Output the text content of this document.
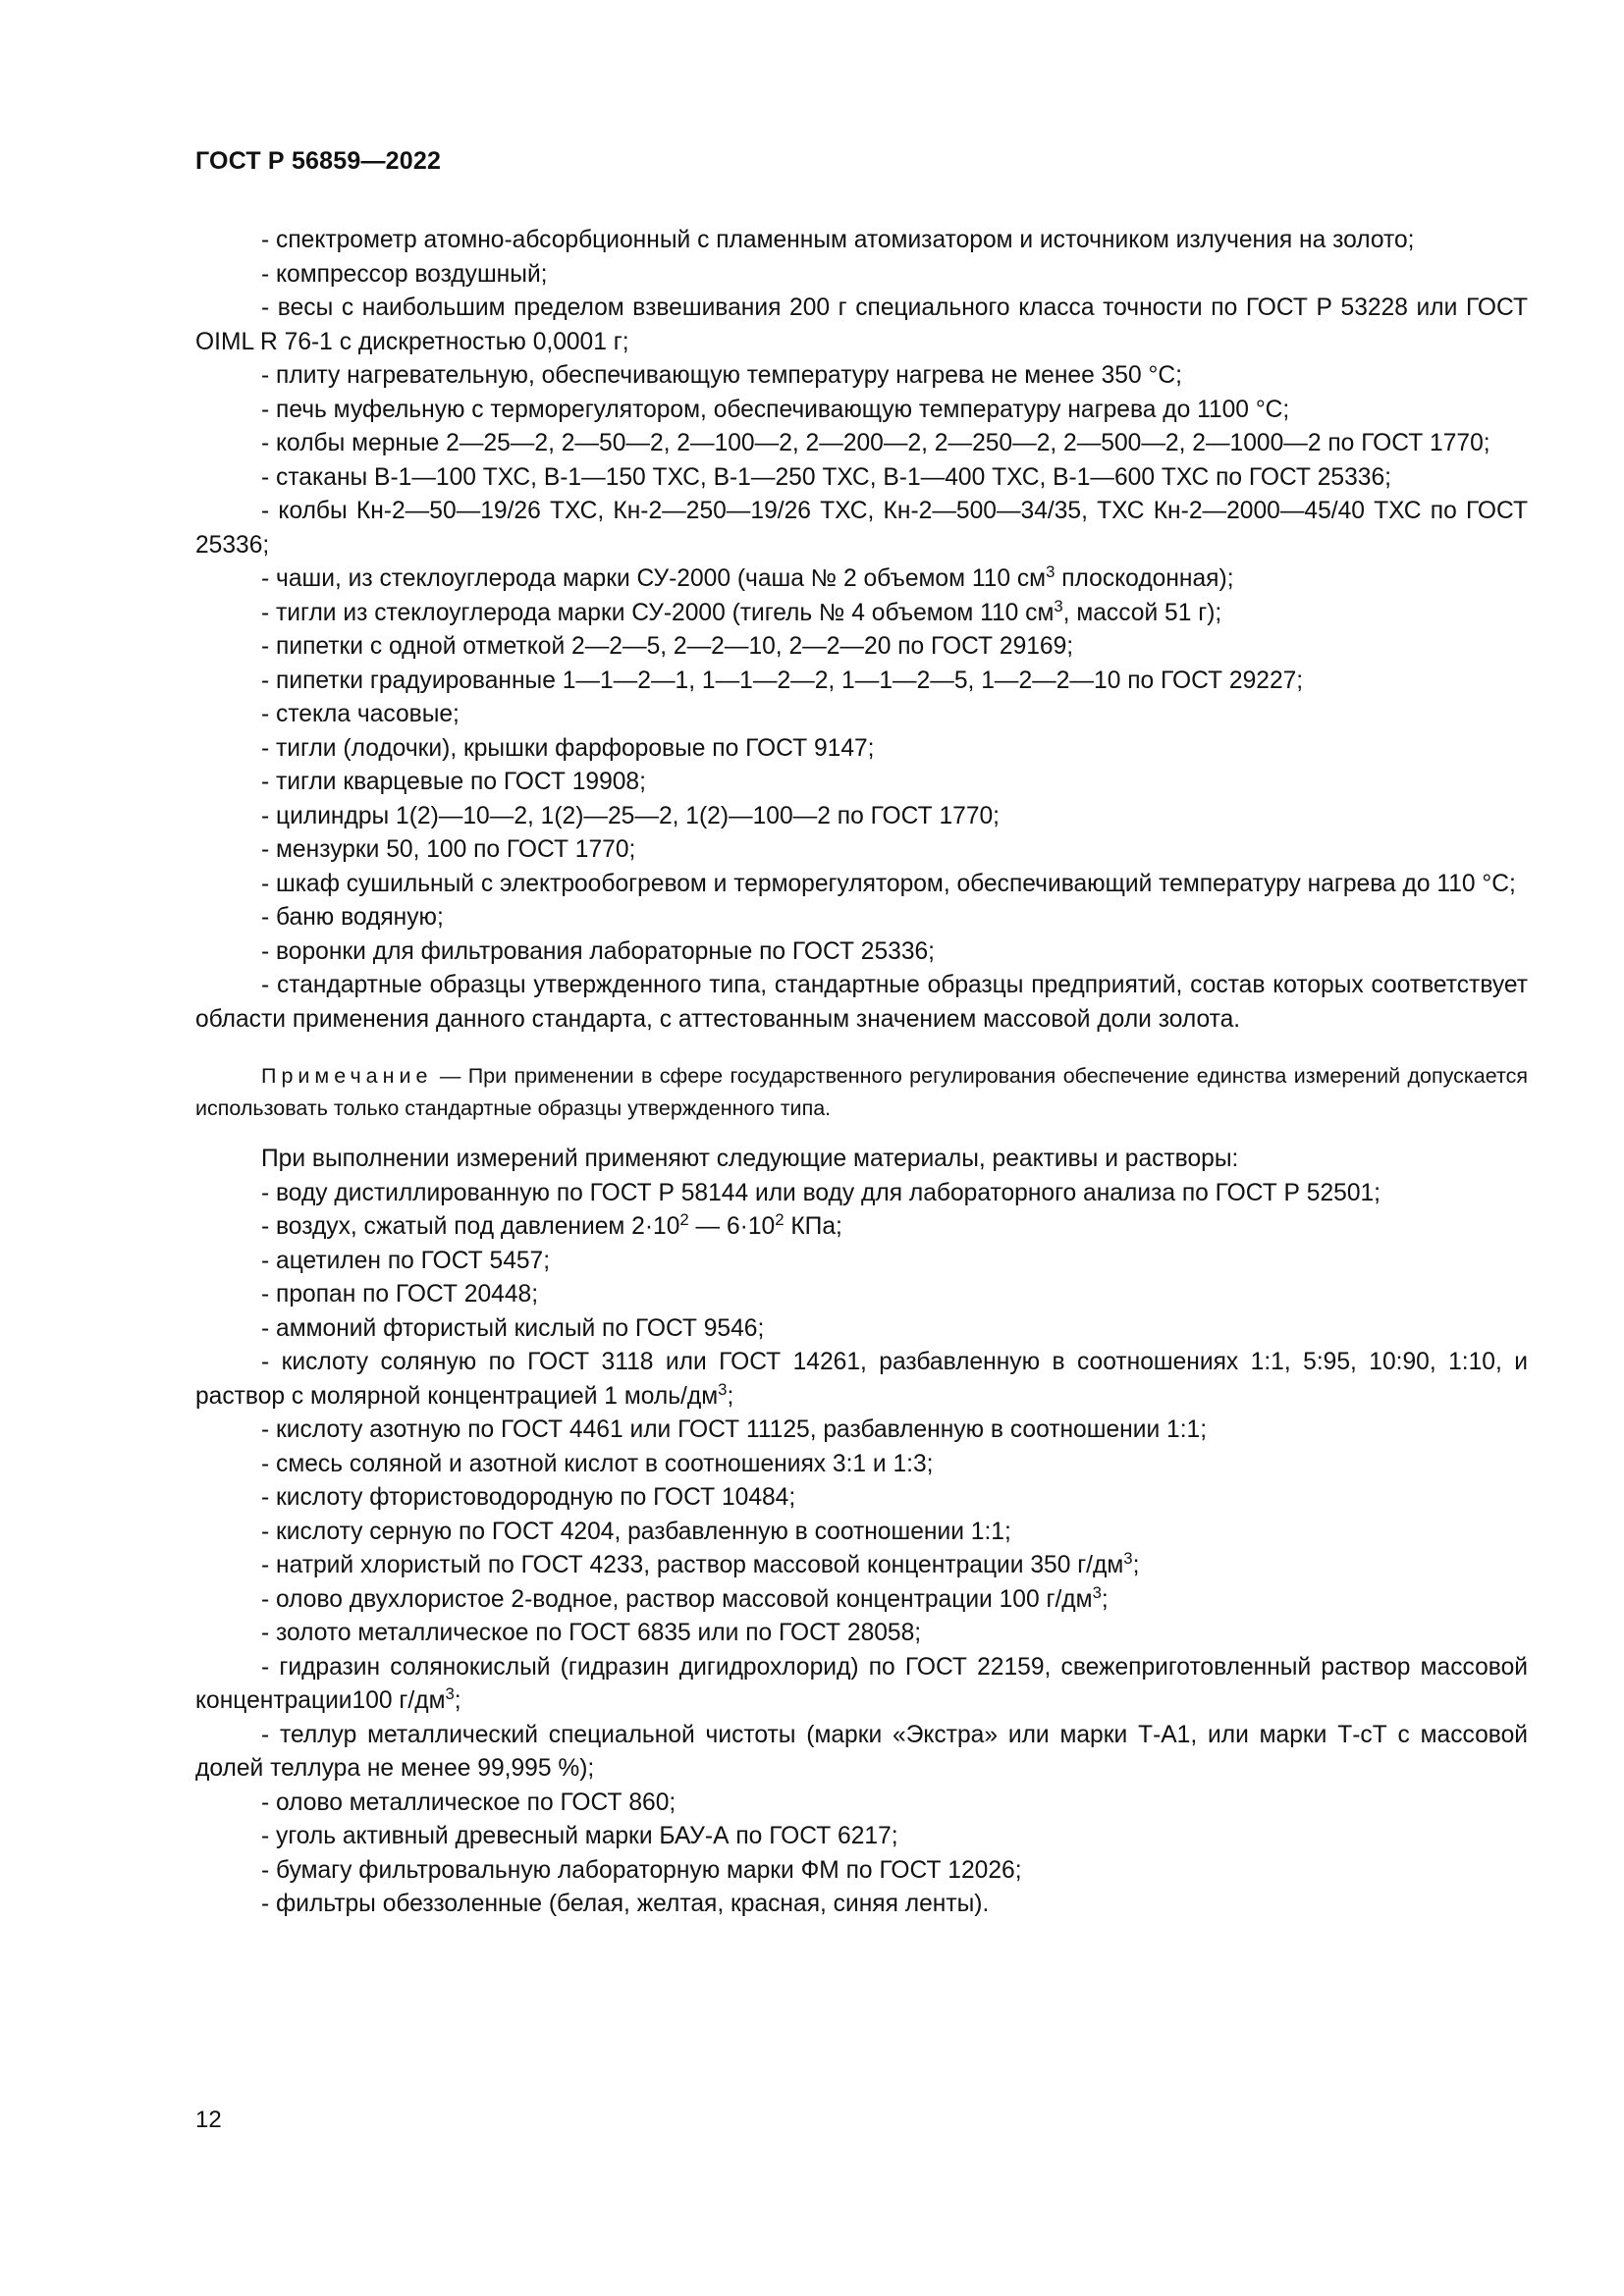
ГОСТ Р 56859—2022

- спектрометр атомно-абсорбционный с пламенным атомизатором и источником излучения на золото;

- компрессор воздушный;

- весы с наибольшим пределом взвешивания 200 г специального класса точности по ГОСТ Р 53228 или ГОСТ OIML R 76-1 с дискретностью 0,0001 г;

- плиту нагревательную, обеспечивающую температуру нагрева не менее 350 °С;

- печь муфельную с терморегулятором, обеспечивающую температуру нагрева до 1100 °С;

- колбы мерные 2—25—2, 2—50—2, 2—100—2, 2—200—2, 2—250—2, 2—500—2, 2—1000—2 по ГОСТ 1770;

- стаканы В-1—100 ТХС, В-1—150 ТХС, В-1—250 ТХС, В-1—400 ТХС, В-1—600 ТХС по ГОСТ 25336;

- колбы Кн-2—50—19/26 ТХС, Кн-2—250—19/26 ТХС, Кн-2—500—34/35, ТХС Кн-2—2000—45/40 ТХС по ГОСТ 25336;

- чаши, из стеклоуглерода марки СУ-2000 (чаша № 2 объемом 110 $см^3$ плоскодонная);

- тигли из стеклоуглерода марки СУ-2000 (тигель № 4 объемом 110 $см^3$, массой 51 г);

- пипетки с одной отметкой 2—2—5, 2—2—10, 2—2—20 по ГОСТ 29169;

- пипетки градуированные 1—1—2—1, 1—1—2—2, 1—1—2—5, 1—2—2—10 по ГОСТ 29227;

- стекла часовые;

- тигли (лодочки), крышки фарфоровые по ГОСТ 9147;

- тигли кварцевые по ГОСТ 19908;

- цилиндры 1(2)—10—2, 1(2)—25—2, 1(2)—100—2 по ГОСТ 1770;

- мензурки 50, 100 по ГОСТ 1770;

- шкаф сушильный с электрообогревом и терморегулятором, обеспечивающий температуру нагрева до 110 °С;

- баню водяную;

- воронки для фильтрования лабораторные по ГОСТ 25336;

- стандартные образцы утвержденного типа, стандартные образцы предприятий, состав которых соответствует области применения данного стандарта, с аттестованным значением массовой доли золота.

Примечание — При применении в сфере государственного регулирования обеспечение единства измерений допускается использовать только стандартные образцы утвержденного типа.

При выполнении измерений применяют следующие материалы, реактивы и растворы:

- воду дистиллированную по ГОСТ Р 58144 или воду для лабораторного анализа по ГОСТ Р 52501;

- воздух, сжатый под давлением $2\cdot 10^2$ — $6\cdot 10^2$ КПа;

- ацетилен по ГОСТ 5457;

- пропан по ГОСТ 20448;

- аммоний фтористый кислый по ГОСТ 9546;

- кислоту соляную по ГОСТ 3118 или ГОСТ 14261, разбавленную в соотношениях 1:1, 5:95, 10:90, 1:10, и раствор с молярной концентрацией 1 моль/$дм^3$;

- кислоту азотную по ГОСТ 4461 или ГОСТ 11125, разбавленную в соотношении 1:1;

- смесь соляной и азотной кислот в соотношениях 3:1 и 1:3;

- кислоту фтористоводородную по ГОСТ 10484;

- кислоту серную по ГОСТ 4204, разбавленную в соотношении 1:1;

- натрий хлористый по ГОСТ 4233, раствор массовой концентрации 350 $г/дм^3$;

- олово двухлористое 2-водное, раствор массовой концентрации 100 $г/дм^3$;

- золото металлическое по ГОСТ 6835 или по ГОСТ 28058;

- гидразин солянокислый (гидразин дигидрохлорид) по ГОСТ 22159, свежеприготовленный раствор массовой концентрации100 $г/дм^3$;

- теллур металлический специальной чистоты (марки «Экстра» или марки Т-А1, или марки Т-сТ с массовой долей теллура не менее 99,995 %);

- олово металлическое по ГОСТ 860;

- уголь активный древесный марки БАУ-А по ГОСТ 6217;

- бумагу фильтровальную лабораторную марки ФМ по ГОСТ 12026;

- фильтры обеззоленные (белая, желтая, красная, синяя ленты).

12
